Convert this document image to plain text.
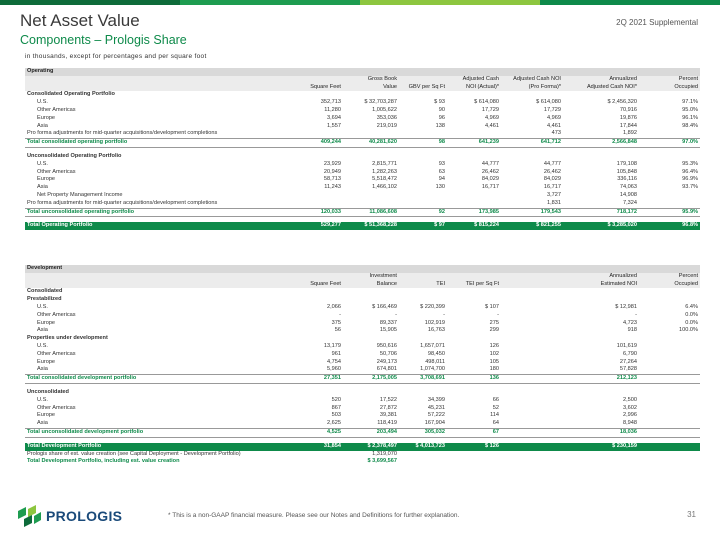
Net Asset Value
Components – Prologis Share
2Q 2021 Supplemental
in thousands, except for percentages and per square foot
Operating							
		Gross Book		Adjusted Cash	Adjusted Cash NOI	Annualized	Percent
	Square Feet	Value	GBV per Sq Ft	NOI (Actual)*	(Pro Forma)*	Adjusted Cash NOI*	Occupied
Consolidated Operating Portfolio							
U.S.	352,713	$ 32,703,287	$ 93	$ 614,080	$ 614,080	$ 2,456,320	97.1%
Other Americas	11,280	1,005,622	90	17,729	17,729	70,916	95.0%
Europe	3,694	353,036	96	4,969	4,969	19,876	96.1%
Asia	1,557	219,019	138	4,461	4,461	17,844	98.4%
Pro forma adjustments for mid-quarter acquisitions/development completions					473	1,892	
Total consolidated operating portfolio	409,244	40,281,620	98	641,239	641,712	2,566,848	97.0%

Unconsolidated Operating Portfolio							
U.S.	23,929	2,815,771	93	44,777	44,777	179,108	95.3%
Other Americas	20,949	1,282,263	63	26,462	26,462	105,848	96.4%
Europe	58,713	5,518,472	94	84,029	84,029	336,116	96.9%
Asia	11,243	1,466,102	130	16,717	16,717	74,063	93.7%
Net Property Management Income					3,727	14,908	
Pro forma adjustments for mid-quarter acquisitions/development completions					1,831	7,324	
Total unconsolidated operating portfolio	120,033	11,086,608	92	173,985	179,543	718,172	95.9%

Total Operating Portfolio	529,277	$ 51,368,228	$ 97	$ 815,224	$ 821,255	$ 3,285,020	96.8%
Development							
		Investment				Annualized	Percent
	Square Feet	Balance	TEI	TEI per Sq Ft		Estimated NOI	Occupied
Consolidated							
Prestabilized							
U.S.	2,066	$ 166,469	$ 220,399	$ 107		$ 12,981	6.4%
Other Americas	-	-	-	-		-	0.0%
Europe	375	89,337	102,919	275		4,723	0.0%
Asia	56	15,905	16,763	299		918	100.0%
Properties under development							
U.S.	13,179	950,616	1,657,071	126		101,619	
Other Americas	961	50,706	98,450	102		6,790	
Europe	4,754	249,173	498,011	105		27,264	
Asia	5,960	674,801	1,074,700	180		57,828	
Total consolidated development portfolio	27,351	2,175,005	3,708,691	136		212,123	

Unconsolidated							
U.S.	520	17,522	34,399	66		2,500	
Other Americas	867	27,872	45,231	52		3,602	
Europe	503	39,381	57,222	114		2,996	
Asia	2,625	118,419	167,904	64		8,948	
Total unconsolidated development portfolio	4,525	203,494	305,032	67		18,036	

Total Development Portfolio	31,854	$ 2,378,497	$ 4,013,723	$ 126		$ 230,159	
Prologis share of est. value creation (see Capital Deployment - Development Portfolio)		1,319,070					
Total Development Portfolio, including est. value creation		$ 3,699,567					
PROLOGIS	* This is a non-GAAP financial measure. Please see our Notes and Definitions for further explanation.	31
